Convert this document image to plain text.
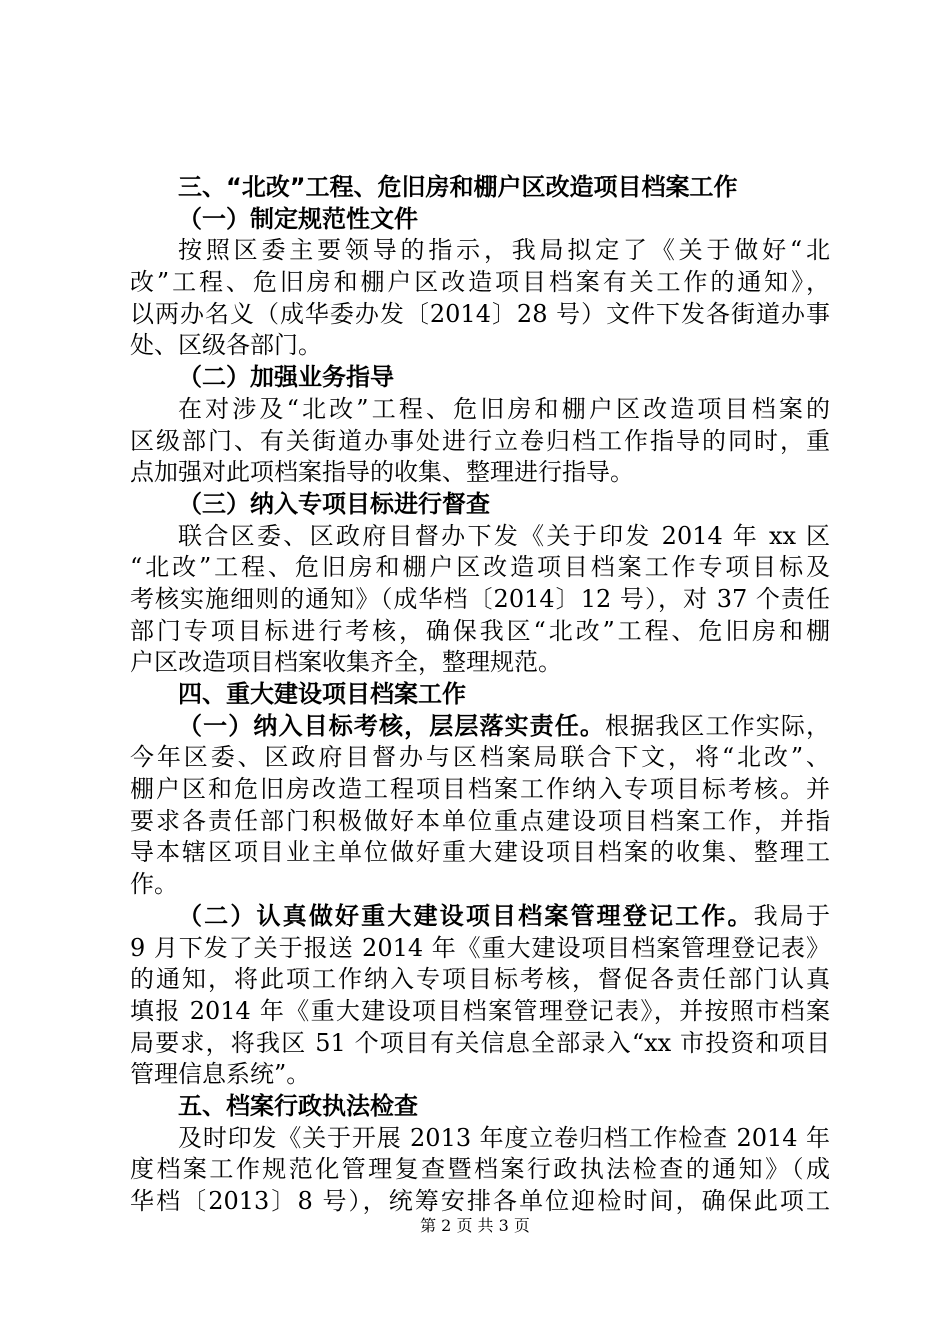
三、“北改”工程、危旧房和棚户区改造项目档案工作
（一）制定规范性文件
按照区委主要领导的指示，我局拟定了《关于做好“北
改”工程、危旧房和棚户区改造项目档案有关工作的通知》，
以两办名义（成华委办发〔2014〕28 号）文件下发各街道办事
处、区级各部门。
（二）加强业务指导
在对涉及“北改”工程、危旧房和棚户区改造项目档案的
区级部门、有关街道办事处进行立卷归档工作指导的同时，重
点加强对此项档案指导的收集、整理进行指导。
（三）纳入专项目标进行督查
联合区委、区政府目督办下发《关于印发 2014 年 xx 区
“北改”工程、危旧房和棚户区改造项目档案工作专项目标及
考核实施细则的通知》（成华档〔2014〕12 号），对 37 个责任
部门专项目标进行考核，确保我区“北改”工程、危旧房和棚
户区改造项目档案收集齐全，整理规范。
四、重大建设项目档案工作
（一）纳入目标考核，层层落实责任。根据我区工作实际，
今年区委、区政府目督办与区档案局联合下文，将“北改”、
棚户区和危旧房改造工程项目档案工作纳入专项目标考核。并
要求各责任部门积极做好本单位重点建设项目档案工作，并指
导本辖区项目业主单位做好重大建设项目档案的收集、整理工
作。
（二）认真做好重大建设项目档案管理登记工作。我局于
9 月下发了关于报送 2014 年《重大建设项目档案管理登记表》
的通知，将此项工作纳入专项目标考核，督促各责任部门认真
填报 2014 年《重大建设项目档案管理登记表》，并按照市档案
局要求，将我区 51 个项目有关信息全部录入“xx 市投资和项目
管理信息系统”。
五、档案行政执法检查
及时印发《关于开展 2013 年度立卷归档工作检查 2014 年
度档案工作规范化管理复查暨档案行政执法检查的通知》（成
华档〔2013〕8 号），统筹安排各单位迎检时间，确保此项工
第 2 页 共 3 页
